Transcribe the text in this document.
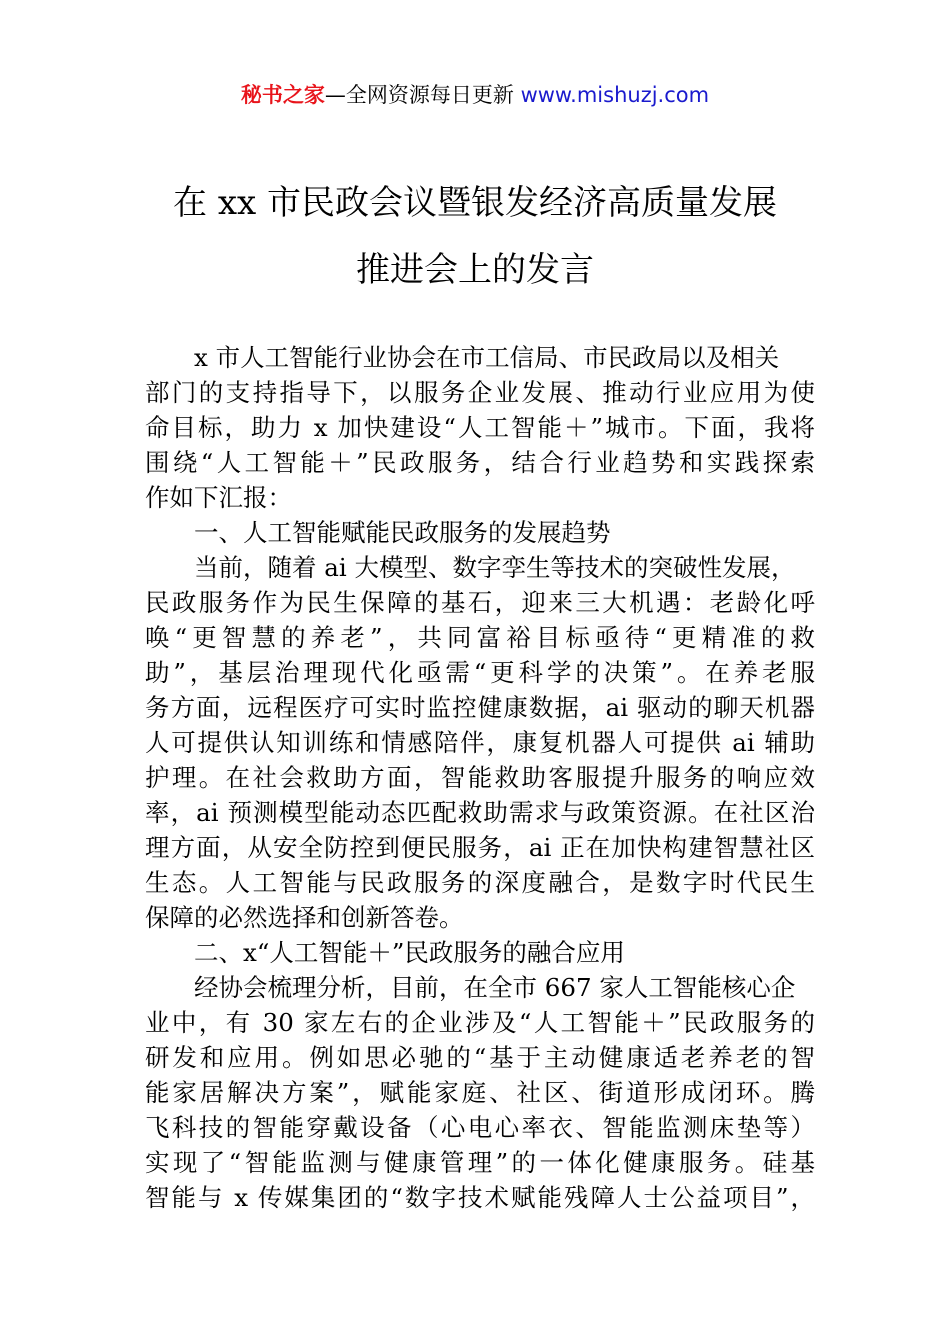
秘书之家—全网资源每日更新 www.mishuzj.com
在 xx 市民政会议暨银发经济高质量发展
推进会上的发言
x 市人工智能行业协会在市工信局、市民政局以及相关
部门的支持指导下，以服务企业发展、推动行业应用为使
命目标，助力 x 加快建设“人工智能＋”城市。下面，我将
围绕“人工智能＋”民政服务，结合行业趋势和实践探索
作如下汇报：
一、人工智能赋能民政服务的发展趋势
当前，随着 ai 大模型、数字孪生等技术的突破性发展，
民政服务作为民生保障的基石，迎来三大机遇：老龄化呼
唤“更智慧的养老”，共同富裕目标亟待“更精准的救
助”，基层治理现代化亟需“更科学的决策”。在养老服
务方面，远程医疗可实时监控健康数据，ai 驱动的聊天机器
人可提供认知训练和情感陪伴，康复机器人可提供 ai 辅助
护理。在社会救助方面，智能救助客服提升服务的响应效
率，ai 预测模型能动态匹配救助需求与政策资源。在社区治
理方面，从安全防控到便民服务，ai 正在加快构建智慧社区
生态。人工智能与民政服务的深度融合，是数字时代民生
保障的必然选择和创新答卷。
二、x“人工智能＋”民政服务的融合应用
经协会梳理分析，目前，在全市 667 家人工智能核心企
业中，有 30 家左右的企业涉及“人工智能＋”民政服务的
研发和应用。例如思必驰的“基于主动健康适老养老的智
能家居解决方案”，赋能家庭、社区、街道形成闭环。腾
飞科技的智能穿戴设备（心电心率衣、智能监测床垫等）
实现了“智能监测与健康管理”的一体化健康服务。硅基
智能与 x 传媒集团的“数字技术赋能残障人士公益项目”，
